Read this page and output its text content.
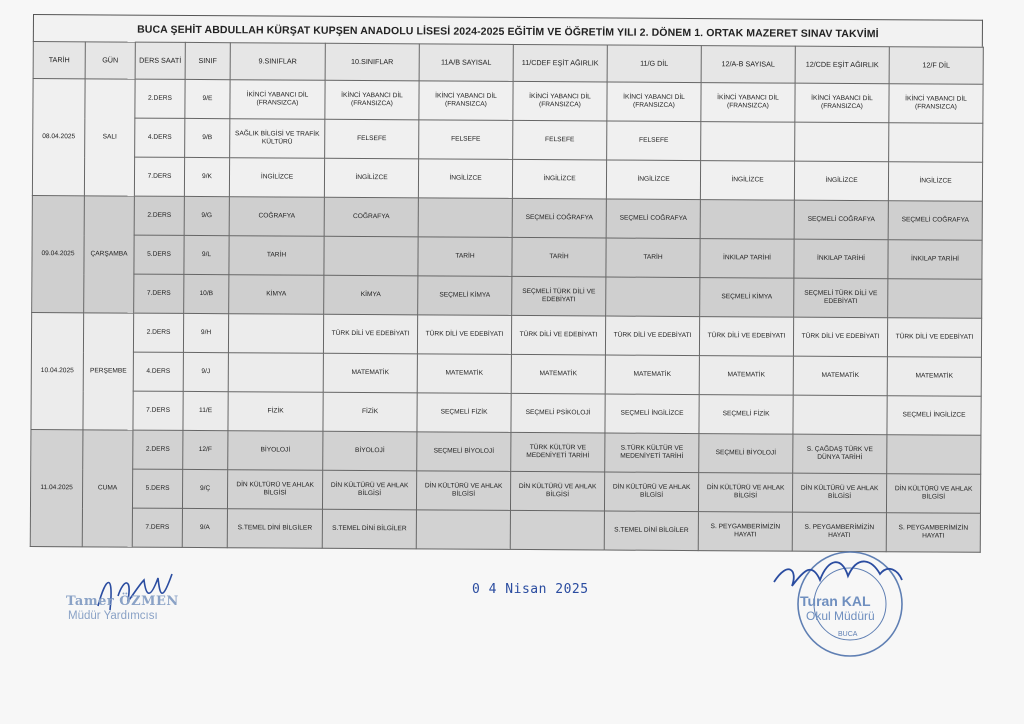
BUCA ŞEHİT ABDULLAH KÜRŞAT KUPŞEN ANADOLU LİSESİ 2024-2025 EĞİTİM VE ÖĞRETİM YILI 2. DÖNEM 1. ORTAK MAZERET SINAV TAKVİMİ
TARİH	GÜN	DERS SAATİ	SINIF	9.SINIFLAR	10.SINIFLAR	11A/B SAYISAL	11/CDEF EŞİT AĞIRLIK	11/G DİL	12/A-B SAYISAL	12/CDE EŞİT AĞIRLIK	12/F DİL
08.04.2025	SALI	2.DERS	9/E	İKİNCİ YABANCI DİL (FRANSIZCA)	İKİNCİ YABANCI DİL (FRANSIZCA)	İKİNCİ YABANCI DİL (FRANSIZCA)	İKİNCİ YABANCI DİL (FRANSIZCA)	İKİNCİ YABANCI DİL (FRANSIZCA)	İKİNCİ YABANCI DİL (FRANSIZCA)	İKİNCİ YABANCI DİL (FRANSIZCA)	İKİNCİ YABANCI DİL (FRANSIZCA)
		4.DERS	9/B	SAĞLIK BİLGİSİ VE TRAFİK KÜLTÜRÜ	FELSEFE	FELSEFE	FELSEFE	FELSEFE			
		7.DERS	9/K	İNGİLİZCE	İNGİLİZCE	İNGİLİZCE	İNGİLİZCE	İNGİLİZCE	İNGİLİZCE	İNGİLİZCE	İNGİLİZCE
09.04.2025	ÇARŞAMBA	2.DERS	9/G	COĞRAFYA	COĞRAFYA		SEÇMELİ COĞRAFYA	SEÇMELİ COĞRAFYA		SEÇMELİ COĞRAFYA	SEÇMELİ COĞRAFYA
		5.DERS	9/L	TARİH		TARİH	TARİH	TARİH	İNKILAP TARİHİ	İNKILAP TARİHİ	İNKILAP TARİHİ
		7.DERS	10/B	KİMYA	KİMYA	SEÇMELİ KİMYA	SEÇMELİ TÜRK DİLİ VE EDEBİYATI		SEÇMELİ KİMYA	SEÇMELİ TÜRK DİLİ VE EDEBİYATI	
10.04.2025	PERŞEMBE	2.DERS	9/H		TÜRK DİLİ VE EDEBİYATI	TÜRK DİLİ VE EDEBİYATI	TÜRK DİLİ VE EDEBİYATI	TÜRK DİLİ VE EDEBİYATI	TÜRK DİLİ VE EDEBİYATI	TÜRK DİLİ VE EDEBİYATI	TÜRK DİLİ VE EDEBİYATI
		4.DERS	9/J		MATEMATİK	MATEMATİK	MATEMATİK	MATEMATİK	MATEMATİK	MATEMATİK	MATEMATİK
		7.DERS	11/E	FİZİK	FİZİK	SEÇMELİ FİZİK	SEÇMELİ PSİKOLOJİ	SEÇMELİ İNGİLİZCE	SEÇMELİ FİZİK		SEÇMELİ İNGİLİZCE
11.04.2025	CUMA	2.DERS	12/F	BİYOLOJİ	BİYOLOJİ	SEÇMELİ BİYOLOJİ	TÜRK KÜLTÜR VE MEDENİYETİ TARİHİ	S.TÜRK KÜLTÜR VE MEDENİYETİ TARİHİ	SEÇMELİ BİYOLOJİ	S. ÇAĞDAŞ TÜRK VE DÜNYA TARİHİ	
		5.DERS	9/Ç	DİN KÜLTÜRÜ VE AHLAK BİLGİSİ	DİN KÜLTÜRÜ VE AHLAK BİLGİSİ	DİN KÜLTÜRÜ VE AHLAK BİLGİSİ	DİN KÜLTÜRÜ VE AHLAK BİLGİSİ	DİN KÜLTÜRÜ VE AHLAK BİLGİSİ	DİN KÜLTÜRÜ VE AHLAK BİLGİSİ	DİN KÜLTÜRÜ VE AHLAK BİLGİSİ	DİN KÜLTÜRÜ VE AHLAK BİLGİSİ
		7.DERS	9/A	S.TEMEL DİNİ BİLGİLER	S.TEMEL DİNİ BİLGİLER			S.TEMEL DİNİ BİLGİLER	S. PEYGAMBERİMİZİN HAYATI	S. PEYGAMBERİMİZİN HAYATI	S. PEYGAMBERİMİZİN HAYATI
Tamer ÖZMEN
Müdür Yardımcısı
0 4 Nisan 2025
BUCA
Turan KAL
Okul Müdürü
